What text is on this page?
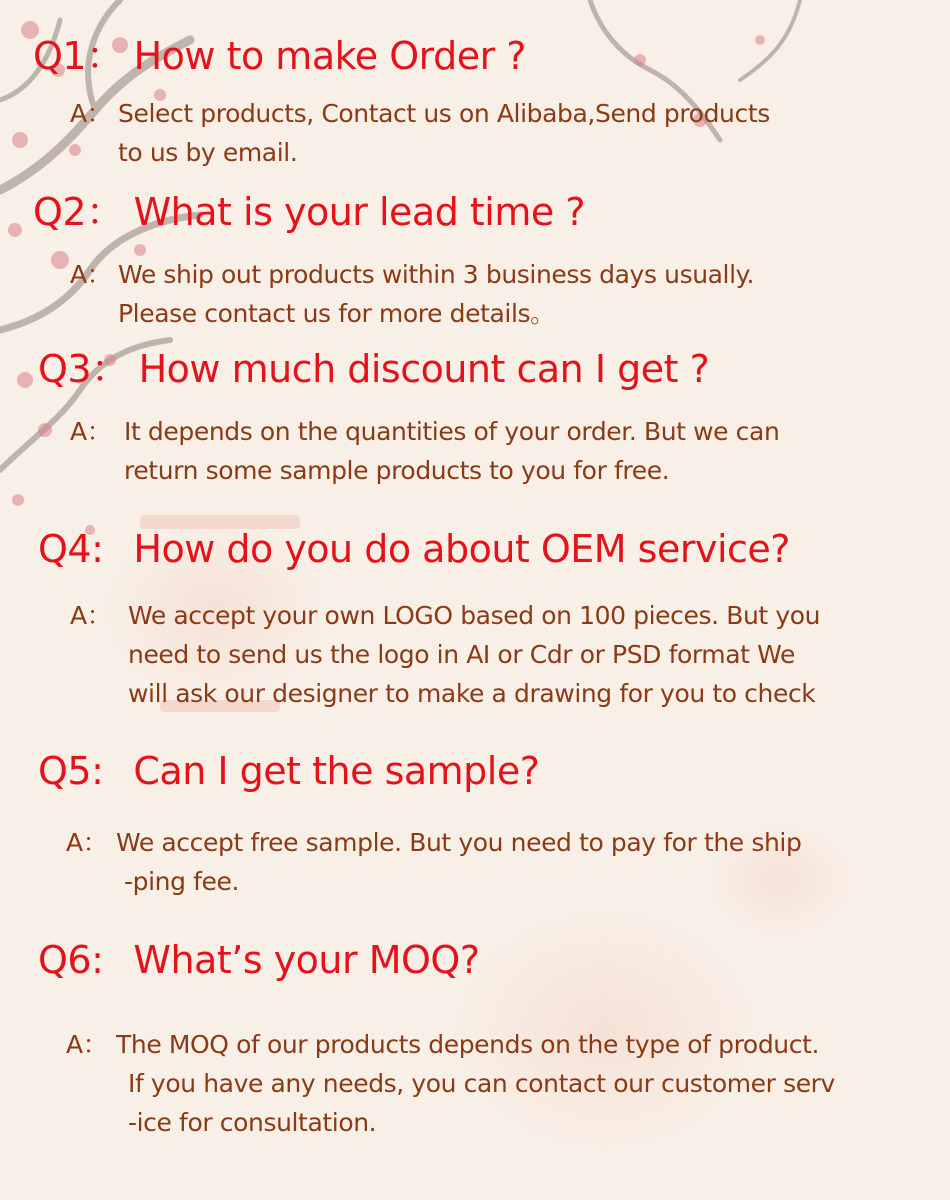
Q1： How to make Order ?
A： Select products, Contact us on Alibaba,Send products
to us by email.
Q2： What is your lead time ?
A： We ship out products within 3 business days usually.
Please contact us for more details。
Q3： How much discount can I get ?
A： It depends on the quantities of your order. But we can
return some sample products to you for free.
Q4: How do you do about OEM service?
A： We accept your own LOGO based on 100 pieces. But you
need to send us the logo in AI or Cdr or PSD format We
will ask our designer to make a drawing for you to check
Q5: Can I get the sample?
A： We accept free sample. But you need to pay for the ship
-ping fee.
Q6: What’s your MOQ?
A： The MOQ of our products depends on the type of product.
If you have any needs, you can contact our customer serv
-ice for consultation.
